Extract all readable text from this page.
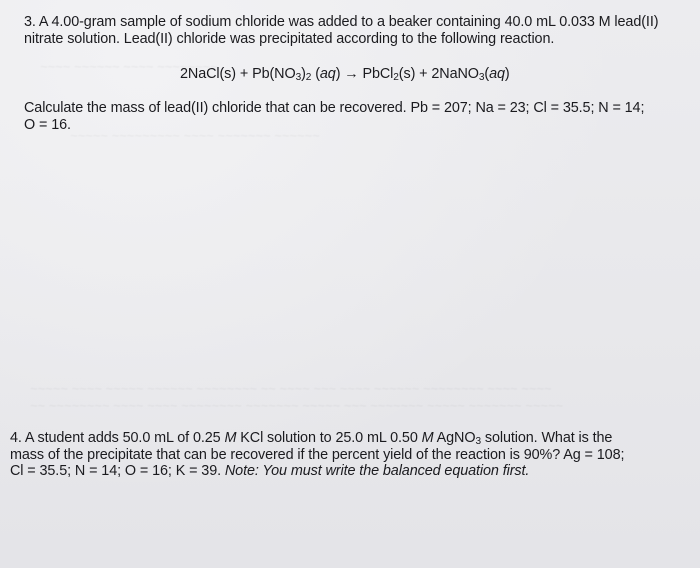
~~~~ ~~~~~~ ~~~~ ~~~~~~~~
~~~~~ ~~~~~~~~~ ~~~~ ~~~~~~~ ~~~~~~
~~~~~ ~~~~ ~~~~~ ~~~~~~ ~~~~~~~~ ~~ ~~~~ ~~~ ~~~~ ~~~~~~ ~~~~~~~~ ~~~~ ~~~~
~~ ~~~~~~~~ ~~~~ ~~~~ ~~~~~~~~ ~~~~~~~ ~~~~~ ~~~ ~~~~~~~ ~~~~~ ~~~~~~~ ~~~~~
3. A 4.00-gram sample of sodium chloride was added to a beaker containing 40.0 mL 0.033 M lead(II)
nitrate solution. Lead(II) chloride was precipitated according to the following reaction.
2NaCl(s) + $Pb(NO_3)_2$ (aq) → PbCl$_2$(s) + 2NaNO$_3$(aq)
Calculate the mass of lead(II) chloride that can be recovered. Pb = 207; Na = 23; Cl = 35.5; N = 14;
O = 16.
4. A student adds 50.0 mL of 0.25 M KCl solution to 25.0 mL 0.50 M AgNO$_3$ solution. What is the
mass of the precipitate that can be recovered if the percent yield of the reaction is 90%? Ag = 108;
Cl = 35.5; N = 14; O = 16; K = 39. Note: You must write the balanced equation first.
